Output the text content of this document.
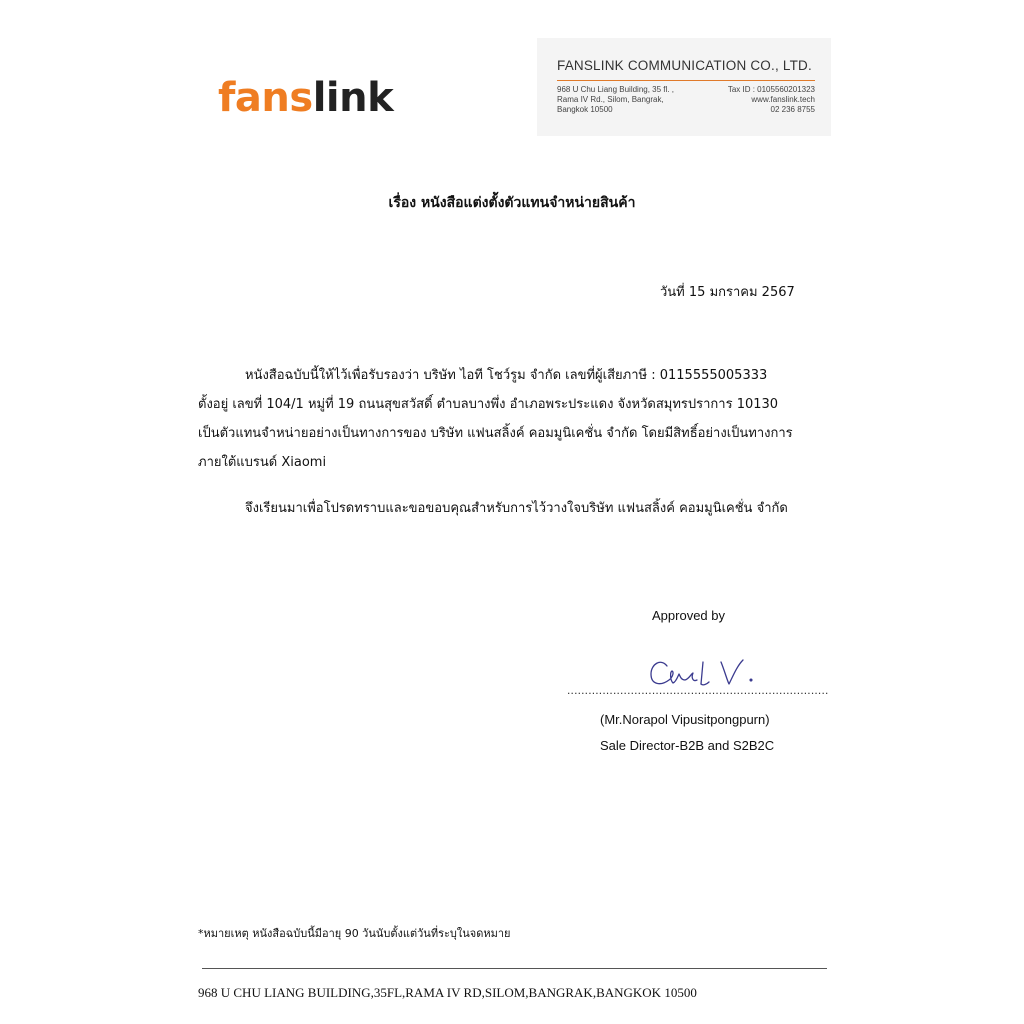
fanslink
FANSLINK COMMUNICATION CO., LTD.
968 U Chu Liang Building, 35 fl. ,
Rama IV Rd., Silom, Bangrak,
Bangkok 10500
Tax ID : 0105560201323
www.fanslink.tech
02 236 8755
เรื่อง หนังสือแต่งตั้งตัวแทนจำหน่ายสินค้า
วันที่ 15 มกราคม 2567
หนังสือฉบับนี้ให้ไว้เพื่อรับรองว่า บริษัท ไอที โชว์รูม จำกัด เลขที่ผู้เสียภาษี : 0115555005333
ตั้งอยู่ เลขที่ 104/1 หมู่ที่ 19 ถนนสุขสวัสดิ์ ตำบลบางพึ่ง อำเภอพระประแดง จังหวัดสมุทรปราการ 10130
เป็นตัวแทนจำหน่ายอย่างเป็นทางการของ บริษัท แฟนสลิ้งค์ คอมมูนิเคชั่น จำกัด โดยมีสิทธิ์อย่างเป็นทางการ
ภายใต้แบรนด์ Xiaomi
จึงเรียนมาเพื่อโปรดทราบและขอขอบคุณสำหรับการไว้วางใจบริษัท แฟนสลิ้งค์ คอมมูนิเคชั่น จำกัด
Approved by
..........................................................................
(Mr.Norapol Vipusitpongpurn)
Sale Director-B2B and S2B2C
*หมายเหตุ หนังสือฉบับนี้มีอายุ 90 วันนับตั้งแต่วันที่ระบุในจดหมาย
968 U CHU LIANG BUILDING,35FL,RAMA IV RD,SILOM,BANGRAK,BANGKOK 10500
